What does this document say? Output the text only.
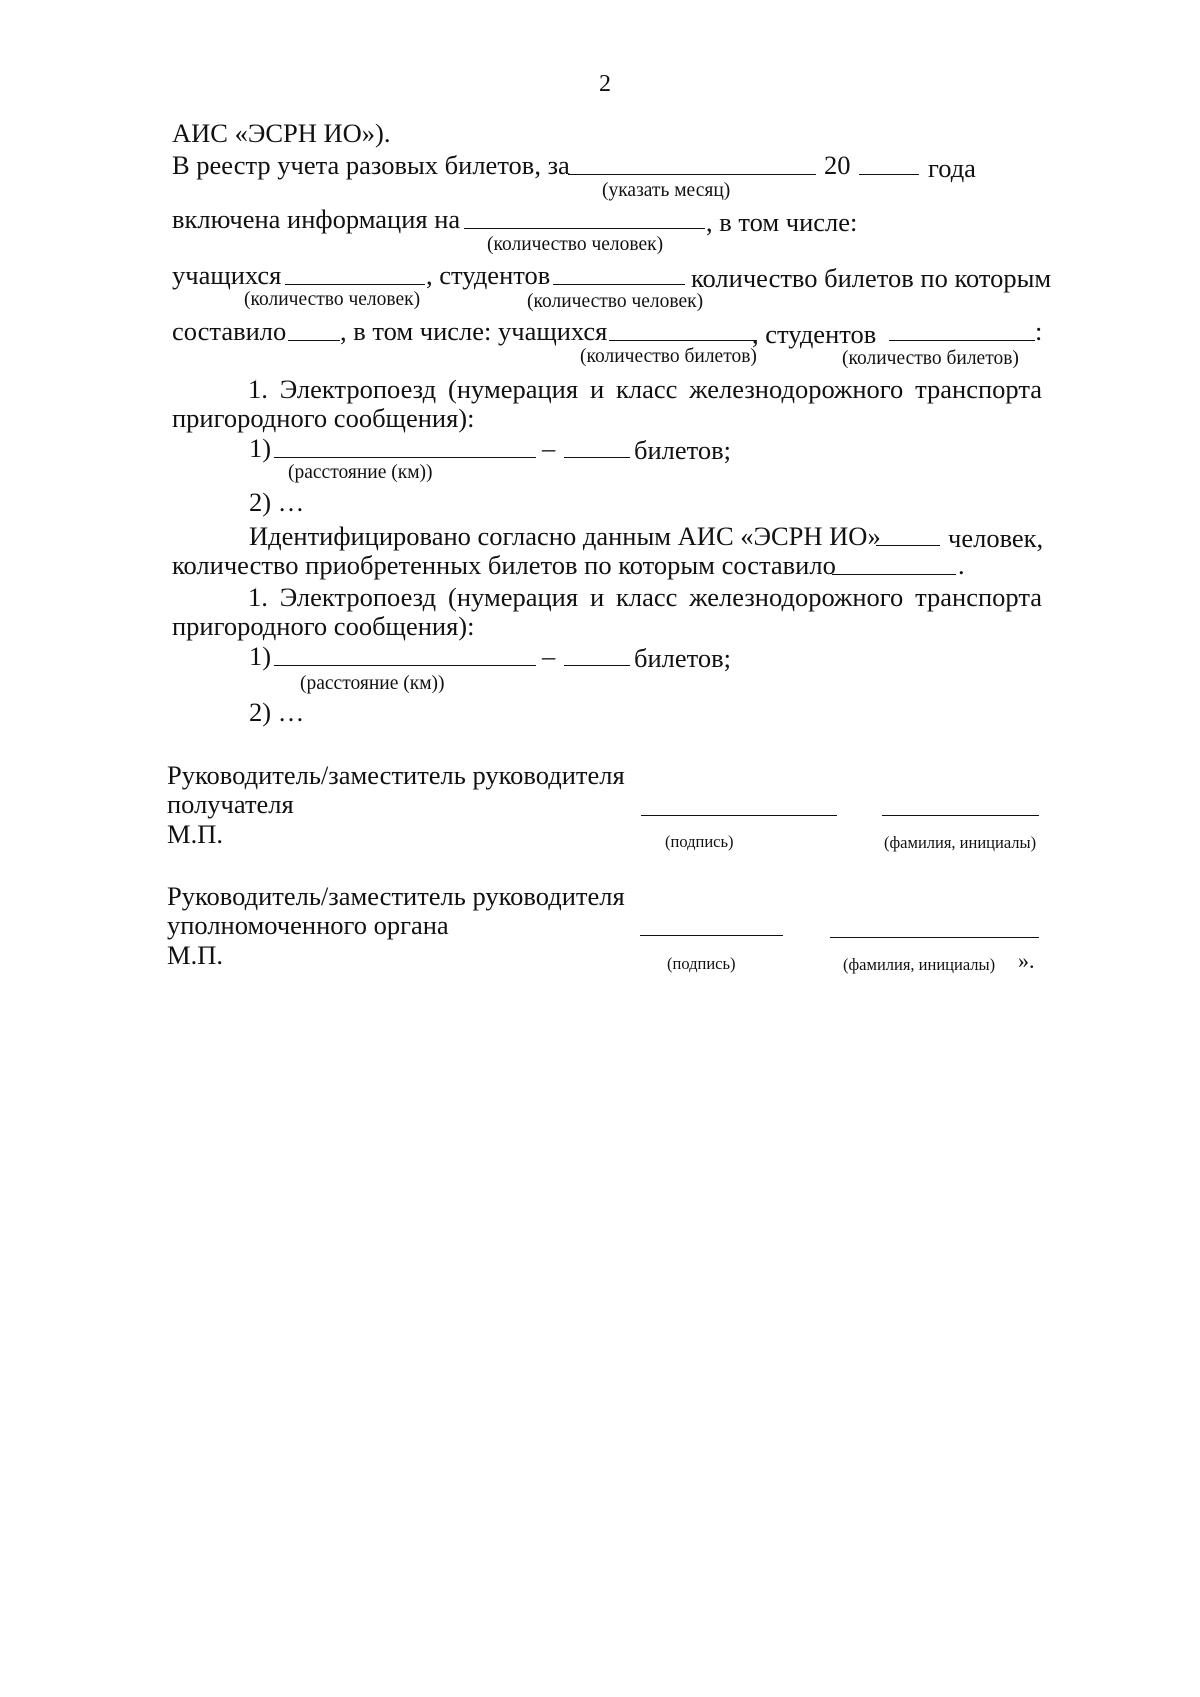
2
АИС «ЭСРН ИО»).
В реестр учета разовых билетов, за	20	года
(указать месяц)
включена информация на	, в том числе:
(количество человек)
учащихся	, студентов	количество билетов по которым
(количество человек)	(количество человек)
составило , в том числе: учащихся	, студентов	:
(количество билетов)	(количество билетов)
1. Электропоезд (нумерация и класс железнодорожного транспорта
пригородного сообщения):
1)	–	билетов;
(расстояние (км))
2) …
Идентифицировано согласно данным АИС «ЭСРН ИО»	человек,
количество приобретенных билетов по которым составило	.
1. Электропоезд (нумерация и класс железнодорожного транспорта
пригородного сообщения):
1)	–	билетов;
(расстояние (км))
2) …
Руководитель/заместитель руководителя
получателя
М.П.	(подпись)	(фамилия, инициалы)
Руководитель/заместитель руководителя
уполномоченного органа
М.П.	(подпись)	(фамилия, инициалы) ».
